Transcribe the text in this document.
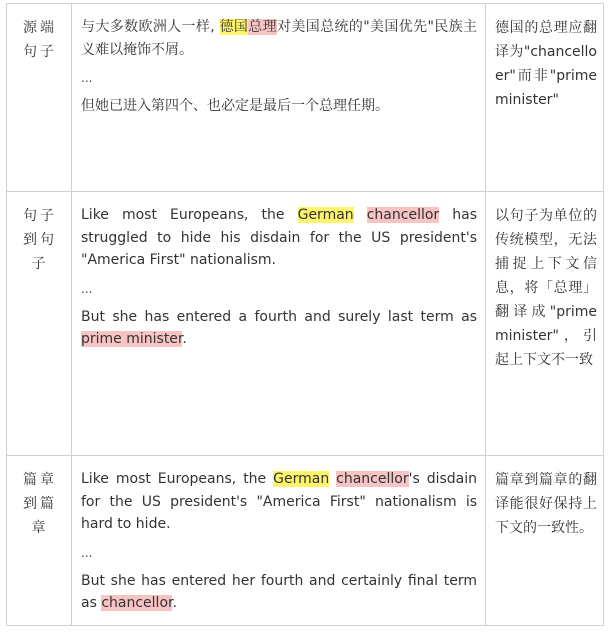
源端句子

与大多数欧洲人一样, 德国总理对美国总统的"美国优先"民族主义难以掩饰不屑。

...

但她已进入第四个、也必定是最后一个总理任期。

德国的总理应翻译为"chancelloer"而非"prime minister"
句子到句子

Like most Europeans, the German chancellor has struggled to hide his disdain for the US president's "America First" nationalism.

...

But she has entered a fourth and surely last term as prime minister.

以句子为单位的传统模型，无法捕捉上下文信息，将「总理」翻译成"prime minister"，引起上下文不一致
篇章到篇章

Like most Europeans, the German chancellor's disdain for the US president's "America First" nationalism is hard to hide.

...

But she has entered her fourth and certainly final term as chancellor.

篇章到篇章的翻译能很好保持上下文的一致性。
